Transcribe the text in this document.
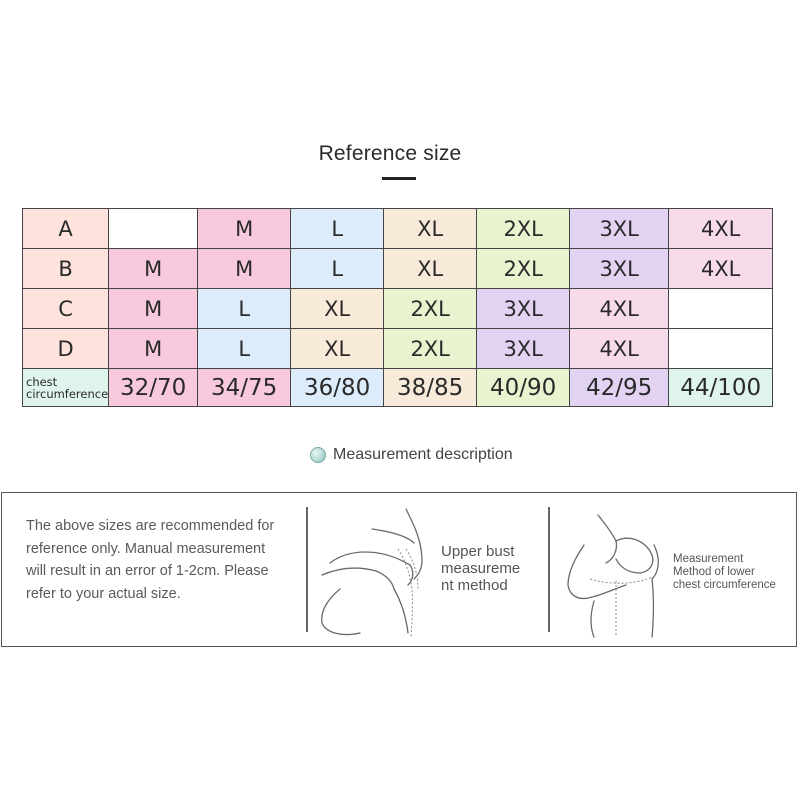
Reference size
A		M	L	XL	2XL	3XL	4XL
B	M	M	L	XL	2XL	3XL	4XL
C	M	L	XL	2XL	3XL	4XL	
D	M	L	XL	2XL	3XL	4XL	

chest
circumference	32/70	34/75	36/80	38/85	40/90	42/95	44/100
Measurement description
The above sizes are recommended for reference only. Manual measurement will result in an error of 1-2cm. Please refer to your actual size.
Upper bust
measureme
nt method
Measurement
Method of lower
chest circumference
